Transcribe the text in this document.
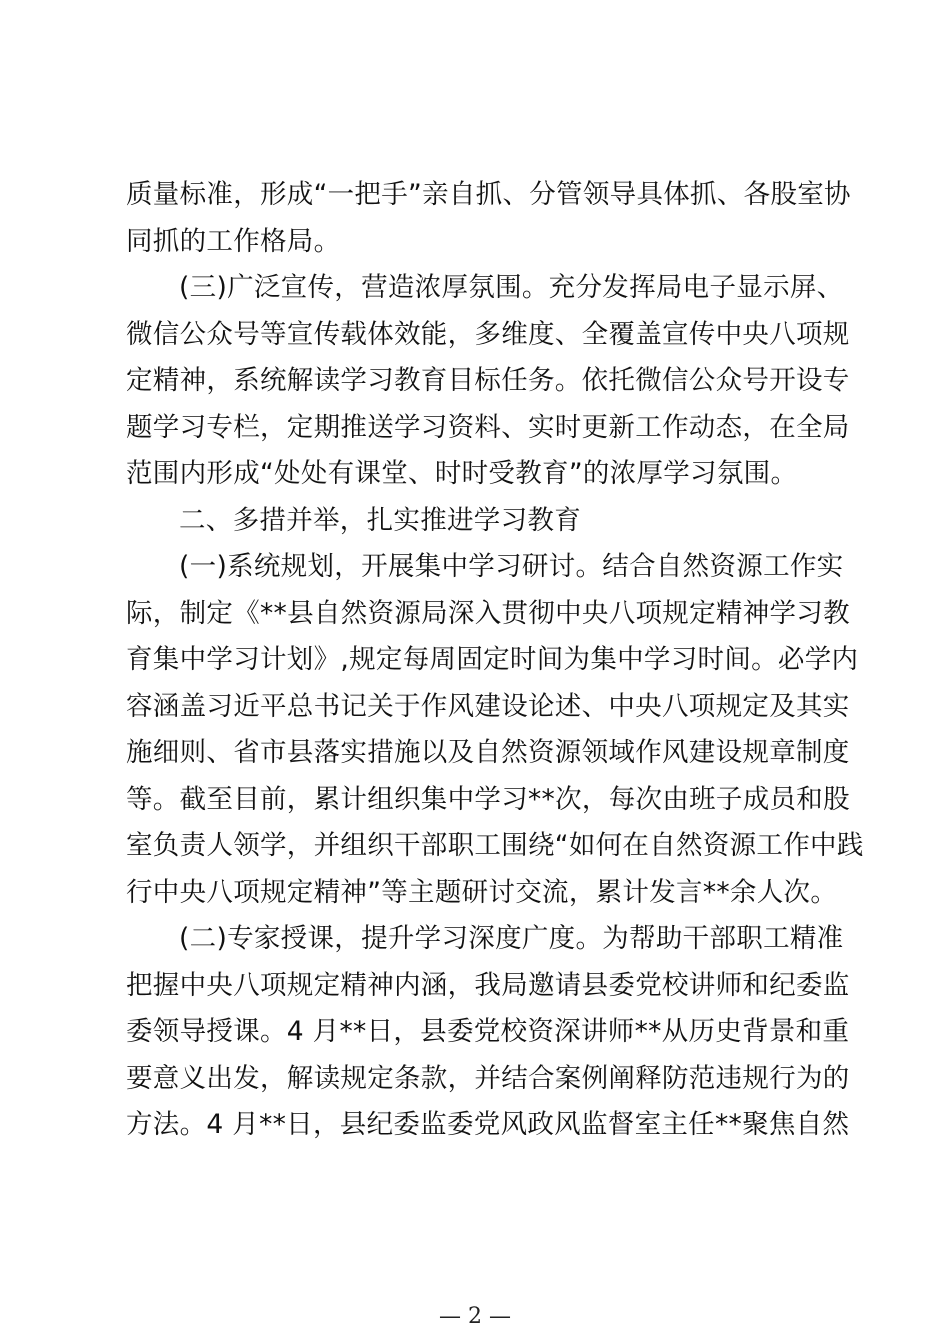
质量标准，形成“一把手”亲自抓、分管领导具体抓、各股室协
同抓的工作格局。
(三)广泛宣传，营造浓厚氛围。充分发挥局电子显示屏、
微信公众号等宣传载体效能，多维度、全覆盖宣传中央八项规
定精神，系统解读学习教育目标任务。依托微信公众号开设专
题学习专栏，定期推送学习资料、实时更新工作动态，在全局
范围内形成“处处有课堂、时时受教育”的浓厚学习氛围。
二、多措并举，扎实推进学习教育
(一)系统规划，开展集中学习研讨。结合自然资源工作实
际，制定《**县自然资源局深入贯彻中央八项规定精神学习教
育集中学习计划》,规定每周固定时间为集中学习时间。必学内
容涵盖习近平总书记关于作风建设论述、中央八项规定及其实
施细则、省市县落实措施以及自然资源领域作风建设规章制度
等。截至目前，累计组织集中学习**次，每次由班子成员和股
室负责人领学，并组织干部职工围绕“如何在自然资源工作中践
行中央八项规定精神”等主题研讨交流，累计发言**余人次。
(二)专家授课，提升学习深度广度。为帮助干部职工精准
把握中央八项规定精神内涵，我局邀请县委党校讲师和纪委监
委领导授课。4 月**日，县委党校资深讲师**从历史背景和重
要意义出发，解读规定条款，并结合案例阐释防范违规行为的
方法。4 月**日，县纪委监委党风政风监督室主任**聚焦自然
— 2 —
